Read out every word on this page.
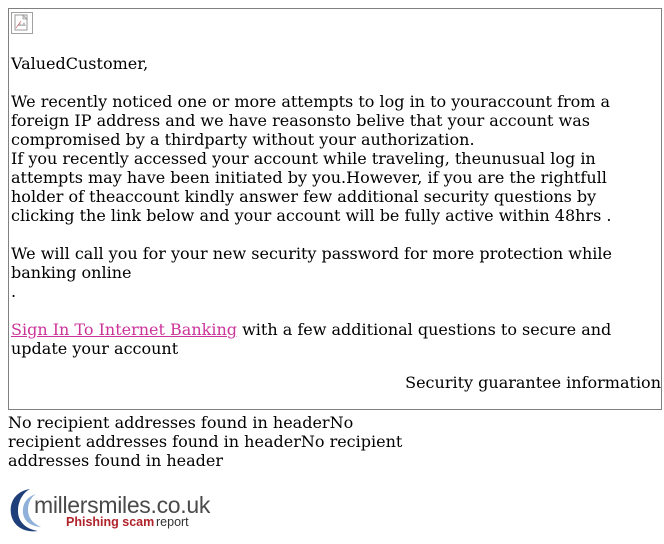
ValuedCustomer,

We recently noticed one or more attempts to log in to youraccount from a foreign IP address and we have reasonsto belive that your account was compromised by a thirdparty without your authorization.

If you recently accessed your account while traveling, theunusual log in attempts may have been initiated by you.However, if you are the rightfull holder of theaccount kindly answer few additional security questions by clicking the link below and your account will be fully active within 48hrs .

We will call you for your new security password for more protection while banking online

.

Sign In To Internet Banking with a few additional questions to secure and update your account

Security guarantee information
No recipient addresses found in headerNo recipient addresses found in headerNo recipient addresses found in header
millersmiles.co.uk
Phishing scam report
